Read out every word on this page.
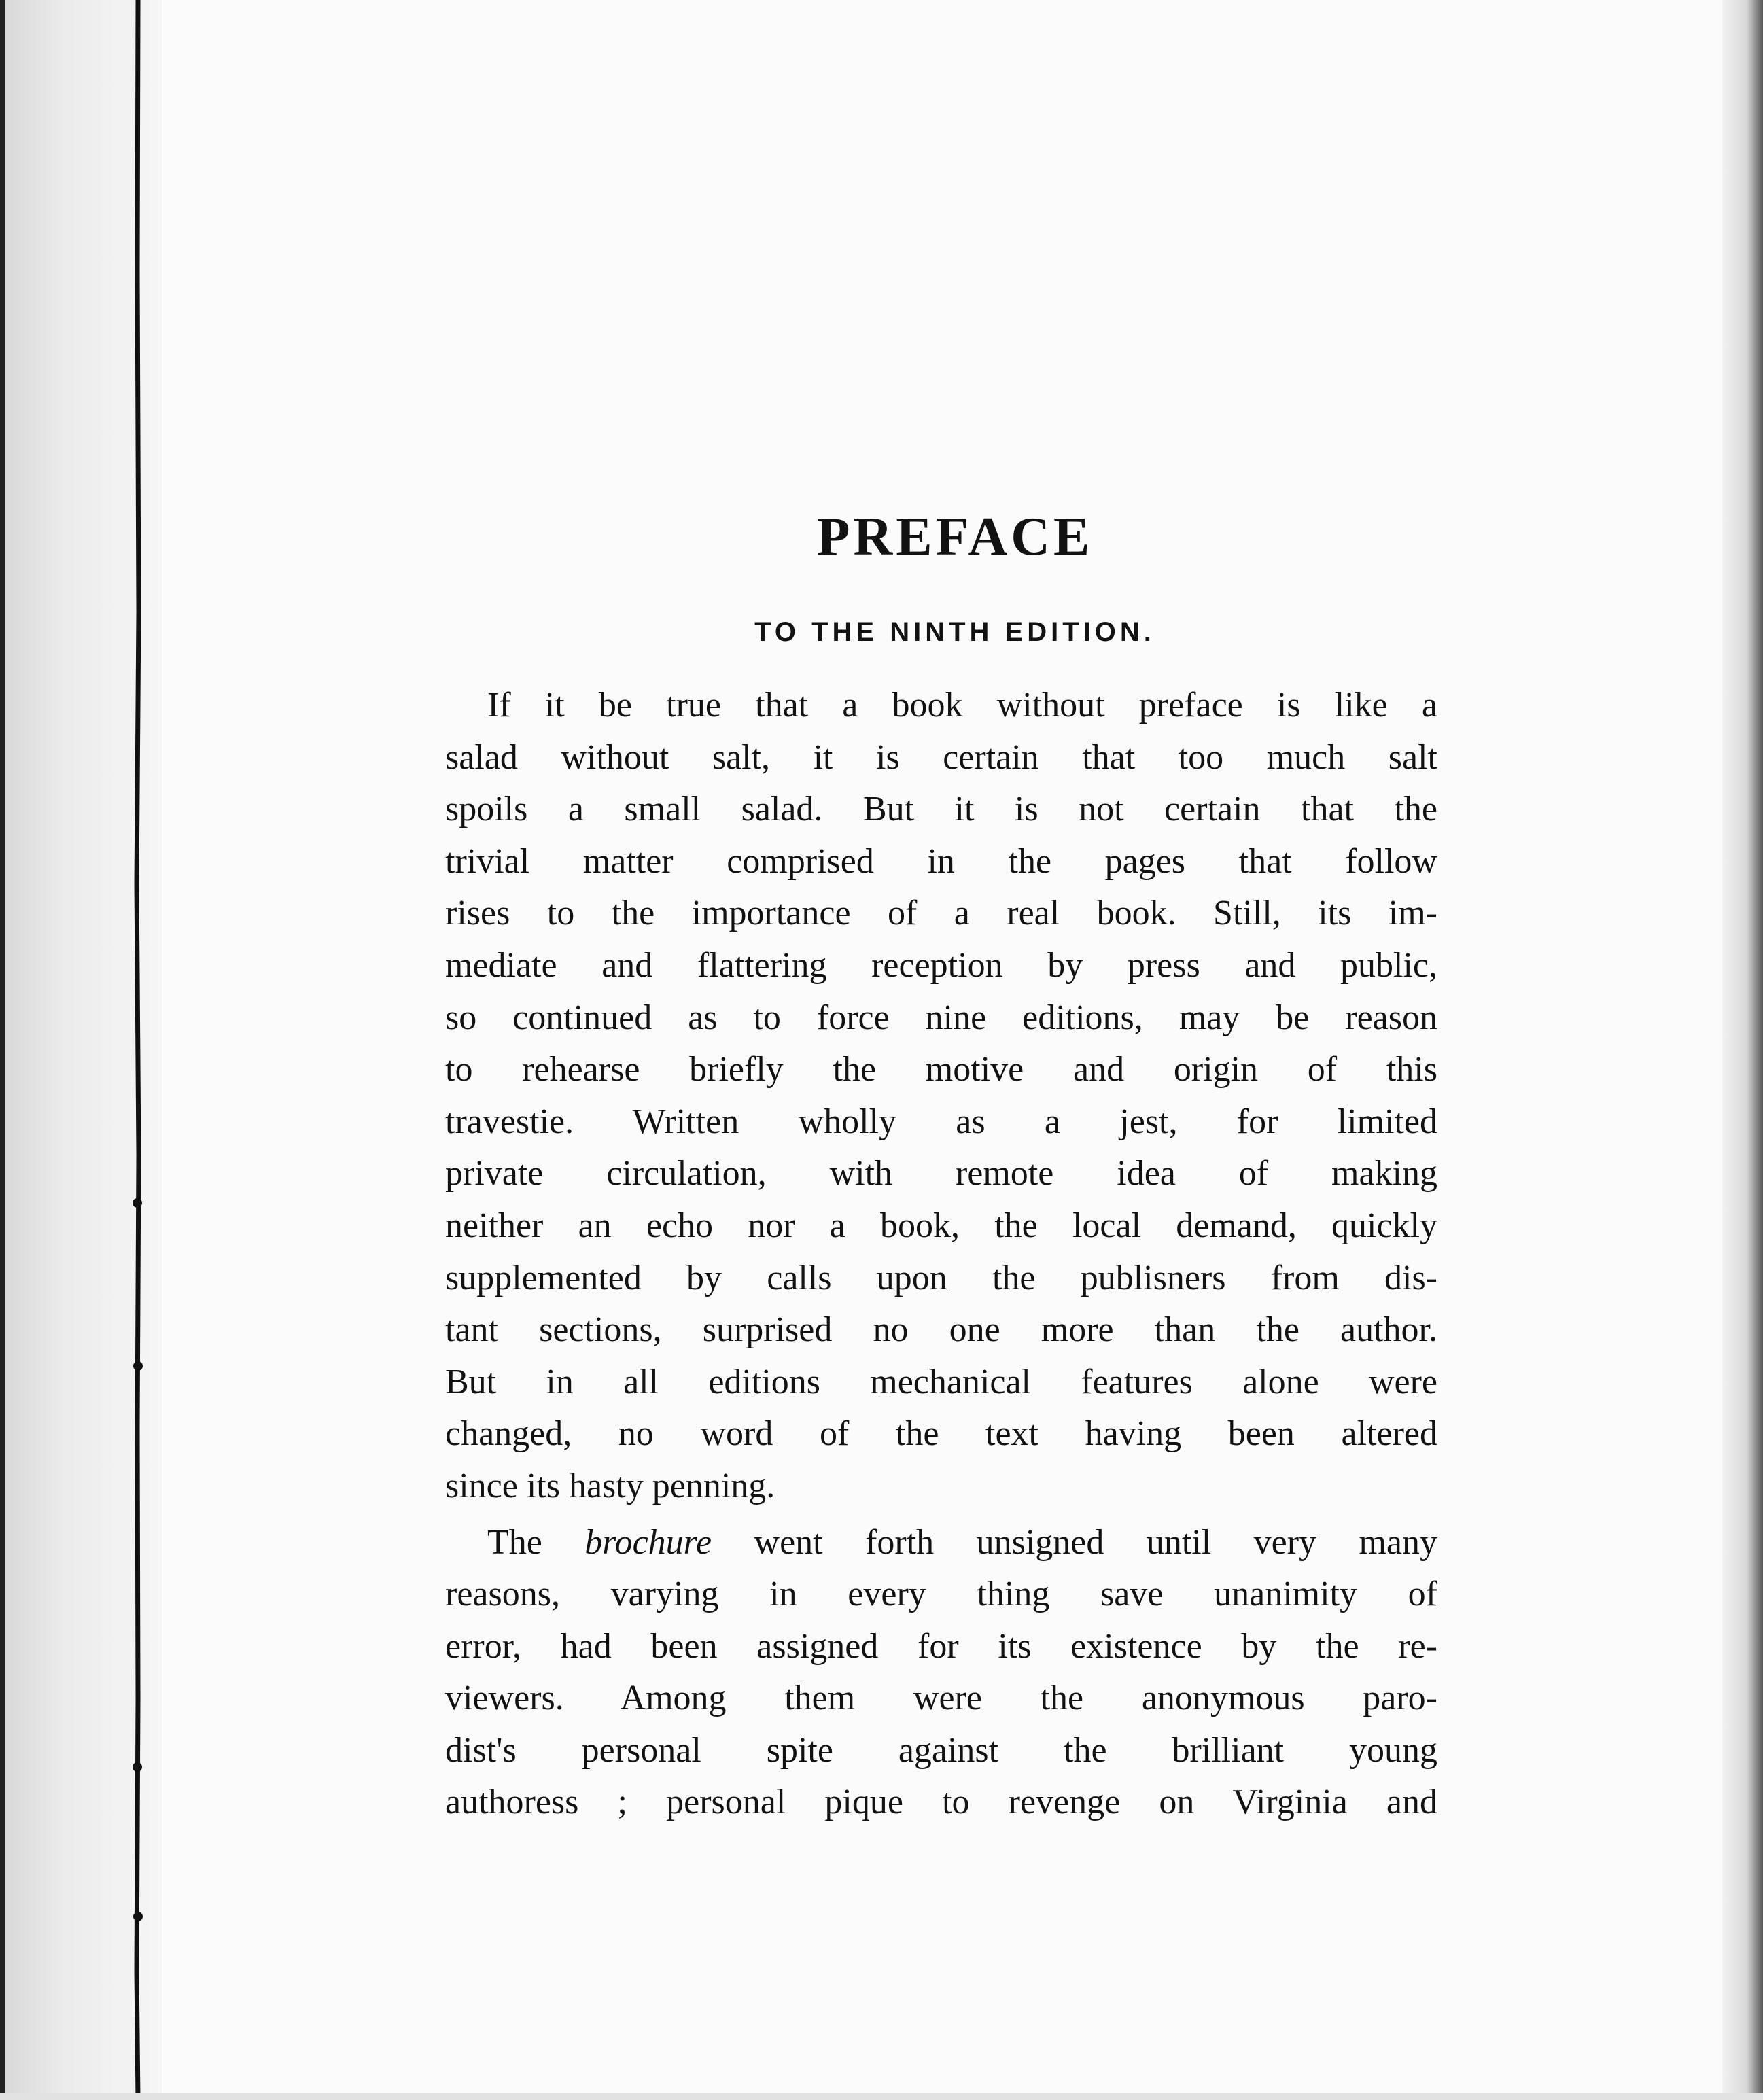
PREFACE
TO THE NINTH EDITION.
If it be true that a book without preface is like a
salad without salt, it is certain that too much salt
spoils a small salad. But it is not certain that the
trivial matter comprised in the pages that follow
rises to the importance of a real book. Still, its im-
mediate and flattering reception by press and public,
so continued as to force nine editions, may be reason
to rehearse briefly the motive and origin of this
travestie. Written wholly as a jest, for limited
private circulation, with remote idea of making
neither an echo nor a book, the local demand, quickly
supplemented by calls upon the publisners from dis-
tant sections, surprised no one more than the author.
But in all editions mechanical features alone were
changed, no word of the text having been altered
since its hasty penning.
The brochure went forth unsigned until very many
reasons, varying in every thing save unanimity of
error, had been assigned for its existence by the re-
viewers. Among them were the anonymous paro-
dist's personal spite against the brilliant young
authoress ; personal pique to revenge on Virginia and
